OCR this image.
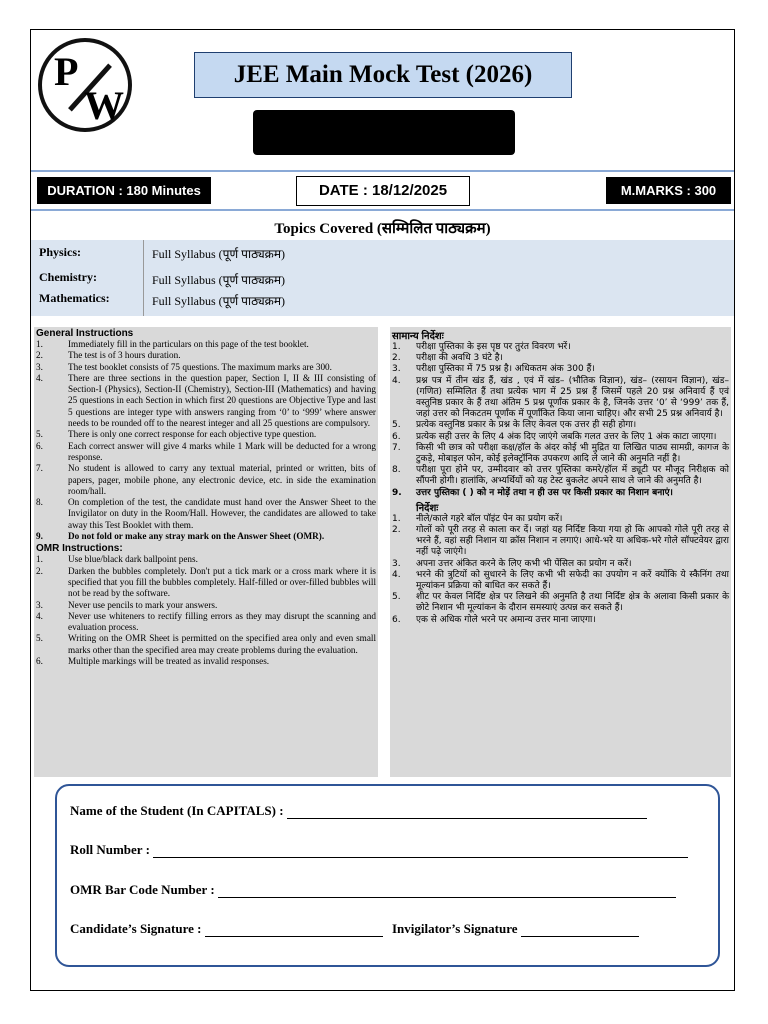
P
W
JEE Main Mock Test (2026)
DURATION : 180 Minutes	DATE : 18/12/2025	M.MARKS : 300
Topics Covered (सम्मिलित पाठ्यक्रम)
Physics:	Full Syllabus (पूर्ण पाठ्यक्रम)
Chemistry:	Full Syllabus (पूर्ण पाठ्यक्रम)
Mathematics:	Full Syllabus (पूर्ण पाठ्यक्रम)
General Instructions
1.	Immediately fill in the particulars on this page of the test booklet.
2.	The test is of 3 hours duration.
3.	The test booklet consists of 75 questions. The maximum marks are 300.
4.	There are three sections in the question paper, Section I, II & III consisting of Section-I (Physics), Section-II (Chemistry), Section-III (Mathematics) and having 25 questions in each Section in which first 20 questions are Objective Type and last 5 questions are integer type with answers ranging from ‘0’ to ‘999’ where answer needs to be rounded off to the nearest integer and all 25 questions are compulsory.
5.	There is only one correct response for each objective type question.
6.	Each correct answer will give 4 marks while 1 Mark will be deducted for a wrong response.
7.	No student is allowed to carry any textual material, printed or written, bits of papers, pager, mobile phone, any electronic device, etc. in side the examination room/hall.
8.	On completion of the test, the candidate must hand over the Answer Sheet to the Invigilator on duty in the Room/Hall. However, the candidates are allowed to take away this Test Booklet with them.
9.	Do not fold or make any stray mark on the Answer Sheet (OMR).
OMR Instructions:
1.	Use blue/black dark ballpoint pens.
2.	Darken the bubbles completely. Don't put a tick mark or a cross mark where it is specified that you fill the bubbles completely. Half-filled or over-filled bubbles will not be read by the software.
3.	Never use pencils to mark your answers.
4.	Never use whiteners to rectify filling errors as they may disrupt the scanning and evaluation process.
5.	Writing on the OMR Sheet is permitted on the specified area only and even small marks other than the specified area may create problems during the evaluation.
6.	Multiple markings will be treated as invalid responses.
सामान्य निर्देशः
1. परीक्षा पुस्तिका के इस पृष्ठ पर तुरंत विवरण भरें।
2. परीक्षा की अवधि 3 घंटे है।
3. परीक्षा पुस्तिका में 75 प्रश्न है। अधिकतम अंक 300 हैं।
4. प्रश्न पत्र में तीन खंड हैं, खंड , एवं में खंड– (भौतिक विज्ञान), खंड– (रसायन विज्ञान), खंड– (गणित) सम्मिलित हैं तथा प्रत्येक भाग में 25 प्रश्न हैं जिसमें पहले 20 प्रश्न अनिवार्य हैं एवं वस्तुनिष्ठ प्रकार के हैं तथा अंतिम 5 प्रश्न पूर्णांक प्रकार के है, जिनके उत्तर ‘0’ से ‘999’ तक हैं, जहां उत्तर को निकटतम पूर्णांक में पूर्णांकित किया जाना चाहिए। और सभी 25 प्रश्न अनिवार्य है।
5. प्रत्येक वस्तुनिष्ठ प्रकार के प्रश्न के लिए केवल एक उत्तर ही सही होगा।
6. प्रत्येक सही उत्तर के लिए 4 अंक दिए जाएंगे जबकि गलत उत्तर के लिए 1 अंक काटा जाएगा।
7. किसी भी छात्र को परीक्षा कक्ष/हॉल के अंदर कोई भी मुद्रित या लिखित पाठ्य सामग्री, कागज के टुकड़े, मोबाइल फोन, कोई इलेक्ट्रॉनिक उपकरण आदि ले जाने की अनुमति नहीं है।
8. परीक्षा पूरा होने पर, उम्मीदवार को उत्तर पुस्तिका कमरे/हॉल में ड्यूटी पर मौजूद निरीक्षक को सौंपनी होगी। हालांकि, अभ्यर्थियों को यह टेस्ट बुकलेट अपने साथ ले जाने की अनुमति है।
9. उत्तर पुस्तिका ( ) को न मोड़ें तथा न ही उस पर किसी प्रकार का निशान बनाएं।
निर्देशः
1. नीले/काले गहरे बॉल पॉइंट पेन का प्रयोग करें।
2. गोलों को पूरी तरह से काला कर दें। जहां यह निर्दिष्ट किया गया हो कि आपको गोले पूरी तरह से भरने हैं, वहां सही निशान या क्रॉस निशान न लगाएं। आधे-भरे या अधिक-भरे गोले सॉफ्टवेयर द्वारा नहीं पढ़े जाएंगे।
3. अपना उत्तर अंकित करने के लिए कभी भी पेंसिल का प्रयोग न करें।
4. भरने की त्रुटियों को सुधारने के लिए कभी भी सफेदी का उपयोग न करें क्योंकि ये स्कैनिंग तथा मूल्यांकन प्रक्रिया को बाधित कर सकते हैं।
5. शीट पर केवल निर्दिष्ट क्षेत्र पर लिखने की अनुमति है तथा निर्दिष्ट क्षेत्र के अलावा किसी प्रकार के छोटे निशान भी मूल्यांकन के दौरान समस्याएं उत्पन्न कर सकते हैं।
6. एक से अधिक गोले भरने पर अमान्य उत्तर माना जाएगा।
Name of the Student (In CAPITALS) :
Roll Number :
OMR Bar Code Number :
Candidate’s Signature :	Invigilator’s Signature
